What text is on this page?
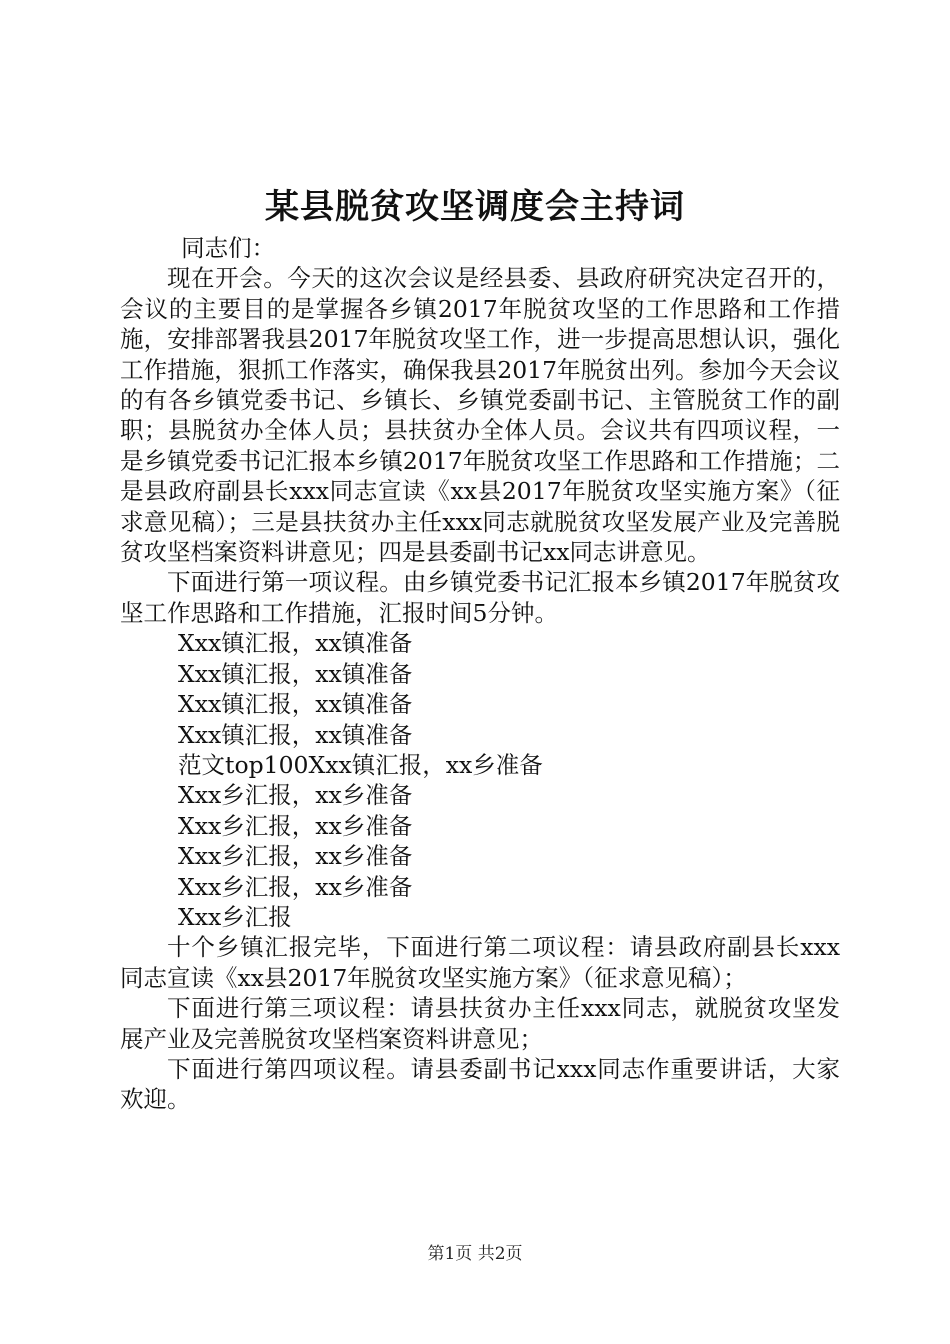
某县脱贫攻坚调度会主持词

同志们：

现在开会。今天的这次会议是经县委、县政府研究决定召开的，会议的主要目的是掌握各乡镇2017年脱贫攻坚的工作思路和工作措施，安排部署我县2017年脱贫攻坚工作，进一步提高思想认识，强化工作措施，狠抓工作落实，确保我县2017年脱贫出列。参加今天会议的有各乡镇党委书记、乡镇长、乡镇党委副书记、主管脱贫工作的副职；县脱贫办全体人员；县扶贫办全体人员。会议共有四项议程，一是乡镇党委书记汇报本乡镇2017年脱贫攻坚工作思路和工作措施；二是县政府副县长xxx同志宣读《xx县2017年脱贫攻坚实施方案》（征求意见稿）；三是县扶贫办主任xxx同志就脱贫攻坚发展产业及完善脱贫攻坚档案资料讲意见；四是县委副书记xx同志讲意见。

下面进行第一项议程。由乡镇党委书记汇报本乡镇2017年脱贫攻坚工作思路和工作措施，汇报时间5分钟。

Xxx镇汇报，xx镇准备
Xxx镇汇报，xx镇准备
Xxx镇汇报，xx镇准备
Xxx镇汇报，xx镇准备
范文top100Xxx镇汇报，xx乡准备
Xxx乡汇报，xx乡准备
Xxx乡汇报，xx乡准备
Xxx乡汇报，xx乡准备
Xxx乡汇报，xx乡准备
Xxx乡汇报

十个乡镇汇报完毕，下面进行第二项议程：请县政府副县长xxx同志宣读《xx县2017年脱贫攻坚实施方案》（征求意见稿）；

下面进行第三项议程：请县扶贫办主任xxx同志，就脱贫攻坚发展产业及完善脱贫攻坚档案资料讲意见；

下面进行第四项议程。请县委副书记xxx同志作重要讲话，大家欢迎。

第1页 共2页
